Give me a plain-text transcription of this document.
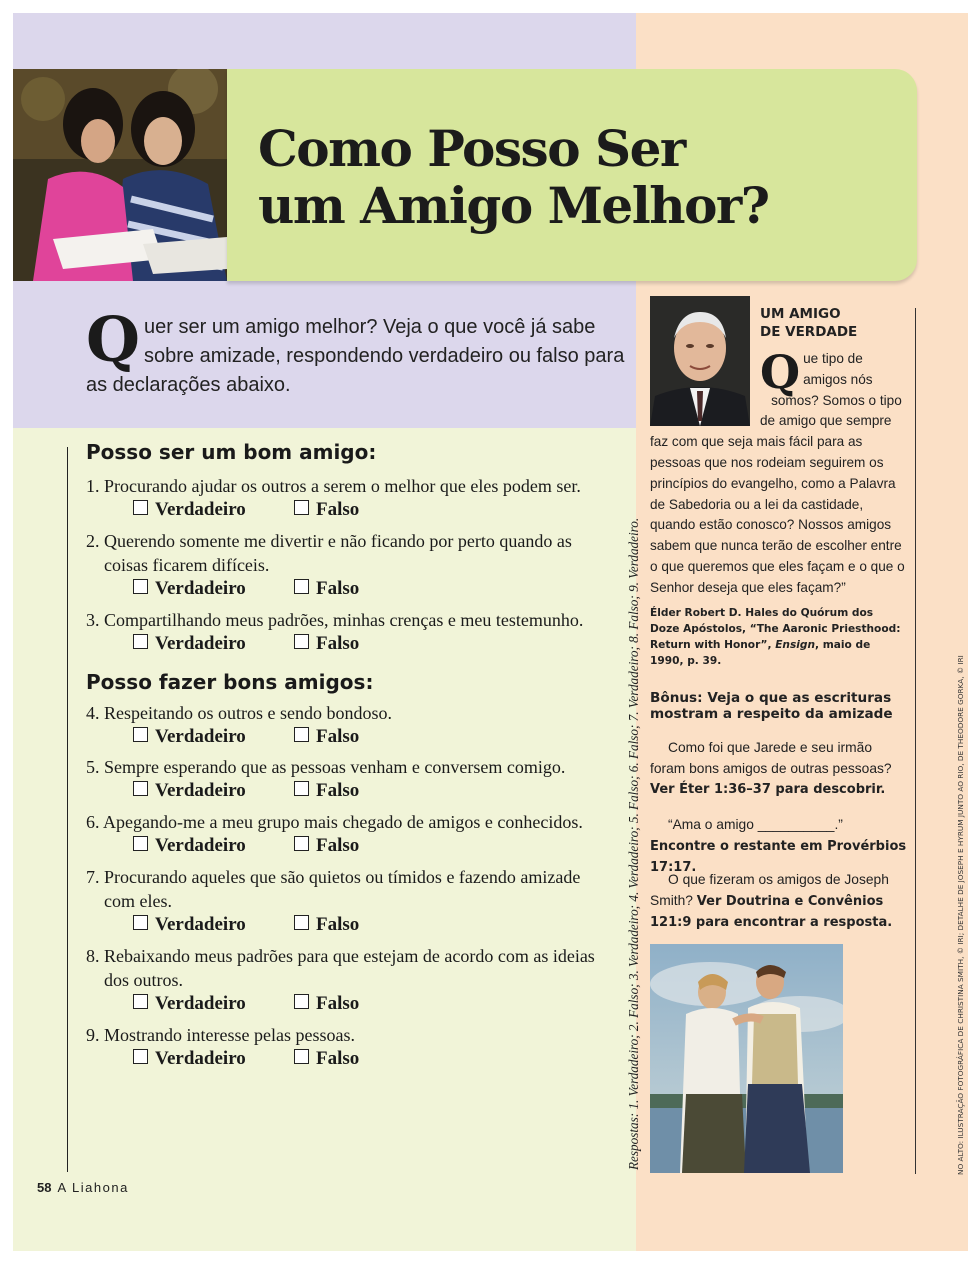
Como Posso Ser
um Amigo Melhor?
Quer ser um amigo melhor? Veja o que você já sabe sobre amizade, respondendo verdadeiro ou falso para as declarações abaixo.
Posso ser um bom amigo:
1. Procurando ajudar os outros a serem o melhor que eles podem ser.
Verdadeiro	Falso
2. Querendo somente me divertir e não ficando por perto quando as coisas ficarem difíceis.
Verdadeiro	Falso
3. Compartilhando meus padrões, minhas crenças e meu testemunho.
Verdadeiro	Falso
Posso fazer bons amigos:
4. Respeitando os outros e sendo bondoso.
Verdadeiro	Falso
5. Sempre esperando que as pessoas venham e conversem comigo.
Verdadeiro	Falso
6. Apegando-me a meu grupo mais chegado de amigos e conhecidos.
Verdadeiro	Falso
7. Procurando aqueles que são quietos ou tímidos e fazendo amizade com eles.
Verdadeiro	Falso
8. Rebaixando meus padrões para que estejam de acordo com as ideias dos outros.
Verdadeiro	Falso
9. Mostrando interesse pelas pessoas.
Verdadeiro	Falso	Respostas: 1. Verdadeiro; 2. Falso; 3. Verdadeiro; 4. Verdadeiro; 5. Falso; 6. Falso; 7. Verdadeiro; 8. Falso; 9. Verdadeiro.
58 A Liahona
UM AMIGO
DE VERDADE
Que tipo de
amigos nós
somos? Somos o tipo
de amigo que sempre
faz com que seja mais fácil para as pessoas que nos rodeiam seguirem os princípios do evangelho, como a Palavra de Sabedoria ou a lei da castidade, quando estão conosco? Nossos amigos sabem que nunca terão de escolher entre o que queremos que eles façam e o que o Senhor deseja que eles façam?”
Élder Robert D. Hales do Quórum dos Doze Apóstolos, “The Aaronic Priesthood: Return with Honor”, Ensign, maio de 1990, p. 39.
Bônus: Veja o que as escrituras mostram a respeito da amizade

Como foi que Jarede e seu irmão foram bons amigos de outras pessoas? Ver Éter 1:36–37 para descobrir.

“Ama o amigo __________.” Encontre o restante em Provérbios 17:17.

O que fizeram os amigos de Joseph Smith? Ver Doutrina e Convênios 121:9 para encontrar a resposta.	NO ALTO: ILUSTRAÇÃO FOTOGRÁFICA DE CHRISTINA SMITH, © IRI; DETALHE DE JOSEPH E HYRUM JUNTO AO RIO, DE THEODORE GORKA, © IRI
